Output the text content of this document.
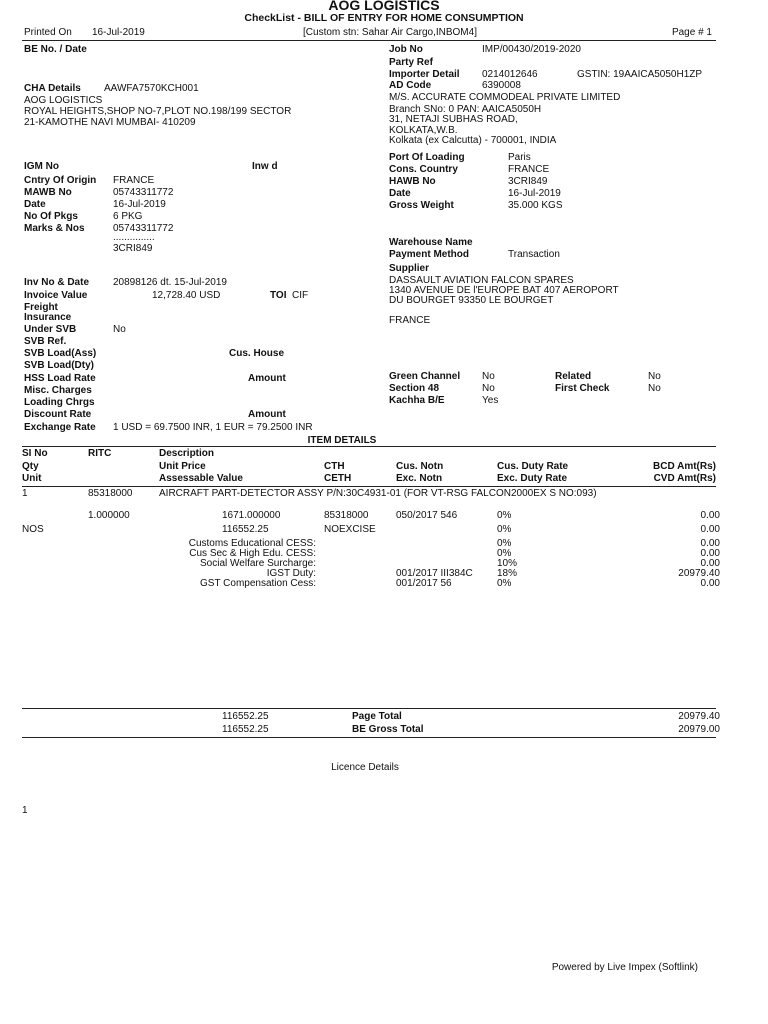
AOG LOGISTICS
CheckList - BILL OF ENTRY FOR HOME CONSUMPTION
Printed On 16-Jul-2019	[Custom stn: Sahar Air Cargo,INBOM4]	Page # 1
BE No. / Date
CHA Details AAWFA7570KCH001
AOG LOGISTICS
ROYAL HEIGHTS,SHOP NO-7,PLOT NO.198/199 SECTOR
21-KAMOTHE NAVI MUMBAI- 410209
IGM No	Inw d
Cntry Of Origin FRANCE
MAWB No	05743311772
Date	16-Jul-2019
No Of Pkgs	6 PKG
Marks & Nos	05743311772
...............
3CRI849
Inv No & Date 20898126 dt. 15-Jul-2019
Invoice Value	12,728.40 USD	TOI CIF
Freight
Insurance
Under SVB	No
SVB Ref.
SVB Load(Ass)	Cus. House
SVB Load(Dty)
HSS Load Rate	Amount
Misc. Charges
Loading Chrgs
Discount Rate	Amount
Exchange Rate 1 USD = 69.7500 INR, 1 EUR = 79.2500 INR
Job No	IMP/00430/2019-2020
Party Ref
Importer Detail 0214012646	GSTIN: 19AAICA5050H1ZP
AD Code	6390008
M/S. ACCURATE COMMODEAL PRIVATE LIMITED
Branch SNo: 0 PAN: AAICA5050H
31, NETAJI SUBHAS ROAD,
KOLKATA,W.B.
Kolkata (ex Calcutta) - 700001, INDIA
Port Of Loading	Paris
Cons. Country	FRANCE
HAWB No	3CRI849
Date	16-Jul-2019
Gross Weight	35.000 KGS
Warehouse Name
Payment Method	Transaction
Supplier
DASSAULT AVIATION FALCON SPARES
1340 AVENUE DE l'EUROPE BAT 407 AEROPORT
DU BOURGET 93350 LE BOURGET
FRANCE
Green Channel No	Related	No
Section 48	No	First Check	No
Kachha B/E	Yes
ITEM DETAILS
SI No	RITC	Description
Qty	Unit Price	CTH	Cus. Notn	Cus. Duty Rate	BCD Amt(Rs)
Unit	Assessable Value	CETH	Exc. Notn	Exc. Duty Rate	CVD Amt(Rs)
1	85318000	AIRCRAFT PART-DETECTOR ASSY P/N:30C4931-01 (FOR VT-RSG FALCON2000EX S NO:093)
1.000000	1671.000000	85318000	050/2017 546	0%	0.00
NOS	116552.25	NOEXCISE	0%	0.00
Customs Educational CESS:	0%	0.00
Cus Sec & High Edu. CESS:	0%	0.00
Social Welfare Surcharge:	10%	0.00
IGST Duty:	001/2017 III384C 18%	20979.40
GST Compensation Cess:	001/2017 56	0%	0.00
116552.25	Page Total	20979.40
116552.25	BE Gross Total	20979.00
Licence Details
1
Powered by Live Impex (Softlink)
